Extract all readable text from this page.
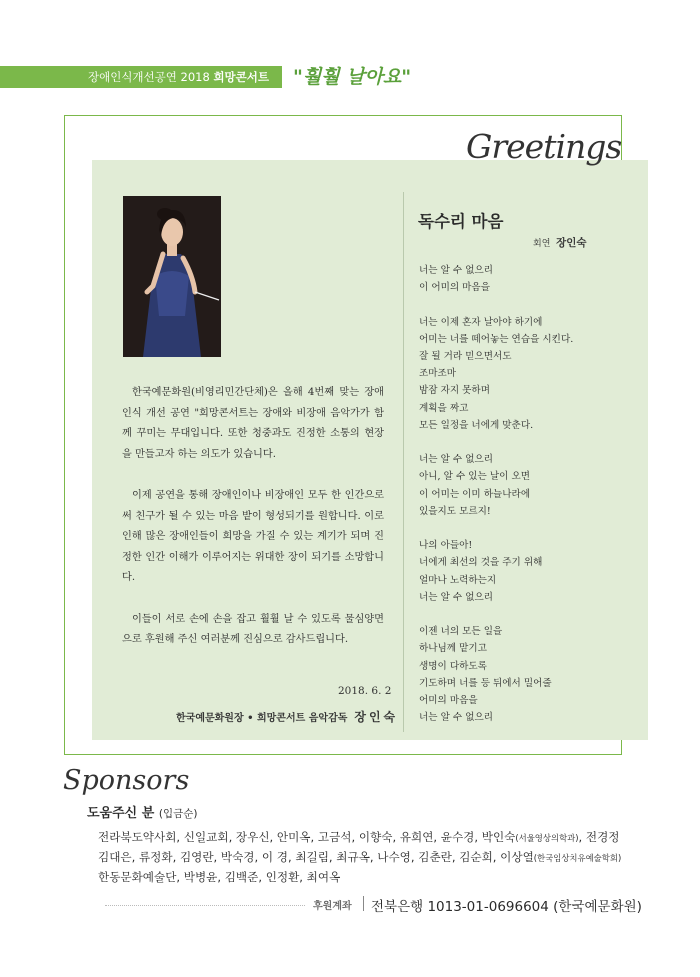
장애인식개선공연 2018 희망콘서트 "훨훨 날아요"
Greetings

한국예문화원(비영리민간단체)은 올해 4번째 맞는 장애인식 개선 공연 "희망콘서트는 장애와 비장애 음악가가 함께 꾸미는 무대입니다. 또한 청중과도 진정한 소통의 현장을 만들고자 하는 의도가 있습니다.

이제 공연을 통해 장애인이나 비장애인 모두 한 인간으로써 친구가 될 수 있는 마음 밭이 형성되기를 원합니다. 이로 인해 많은 장애인들이 희망을 가질 수 있는 계기가 되며 진정한 인간 이해가 이루어지는 위대한 장이 되기를 소망합니다.

이들이 서로 손에 손을 잡고 훨훨 날 수 있도록 물심양면으로 후원해 주신 여러분께 진심으로 감사드립니다.

2018. 6. 2
한국예문화원장 • 희망콘서트 음악감독 장인숙
독수리 마음
회연 장인숙
너는 알 수 없으리
이 어미의 마음을
너는 이제 혼자 날아야 하기에
어미는 너를 떼어놓는 연습을 시킨다.
잘 될 거라 믿으면서도
조마조마
밤잠 자지 못하며
계획을 짜고
모든 일정을 너에게 맞춘다.
너는 알 수 없으리
아니, 알 수 있는 날이 오면
이 어미는 이미 하늘나라에
있을지도 모르지!
나의 아들아!
너에게 최선의 것을 주기 위해
얼마나 노력하는지
너는 알 수 없으리
이젠 너의 모든 일을
하나님께 맡기고
생명이 다하도록
기도하며 너를 등 뒤에서 밀어줄
어미의 마음을
너는 알 수 없으리
Sponsors
도움주신 분 (입금순)
전라북도약사회, 신일교회, 장우신, 안미옥, 고금석, 이향숙, 유희연, 윤수경, 박인숙(서울영상의학과), 전경정
김대은, 류정화, 김영란, 박숙경, 이 경, 최길림, 최규옥, 나수영, 김춘란, 김순희, 이상열(한국임상치유예술학회)
한동문화예술단, 박병윤, 김백준, 인정환, 최여옥
후원계좌 전북은행 1013-01-0696604 (한국예문화원)
